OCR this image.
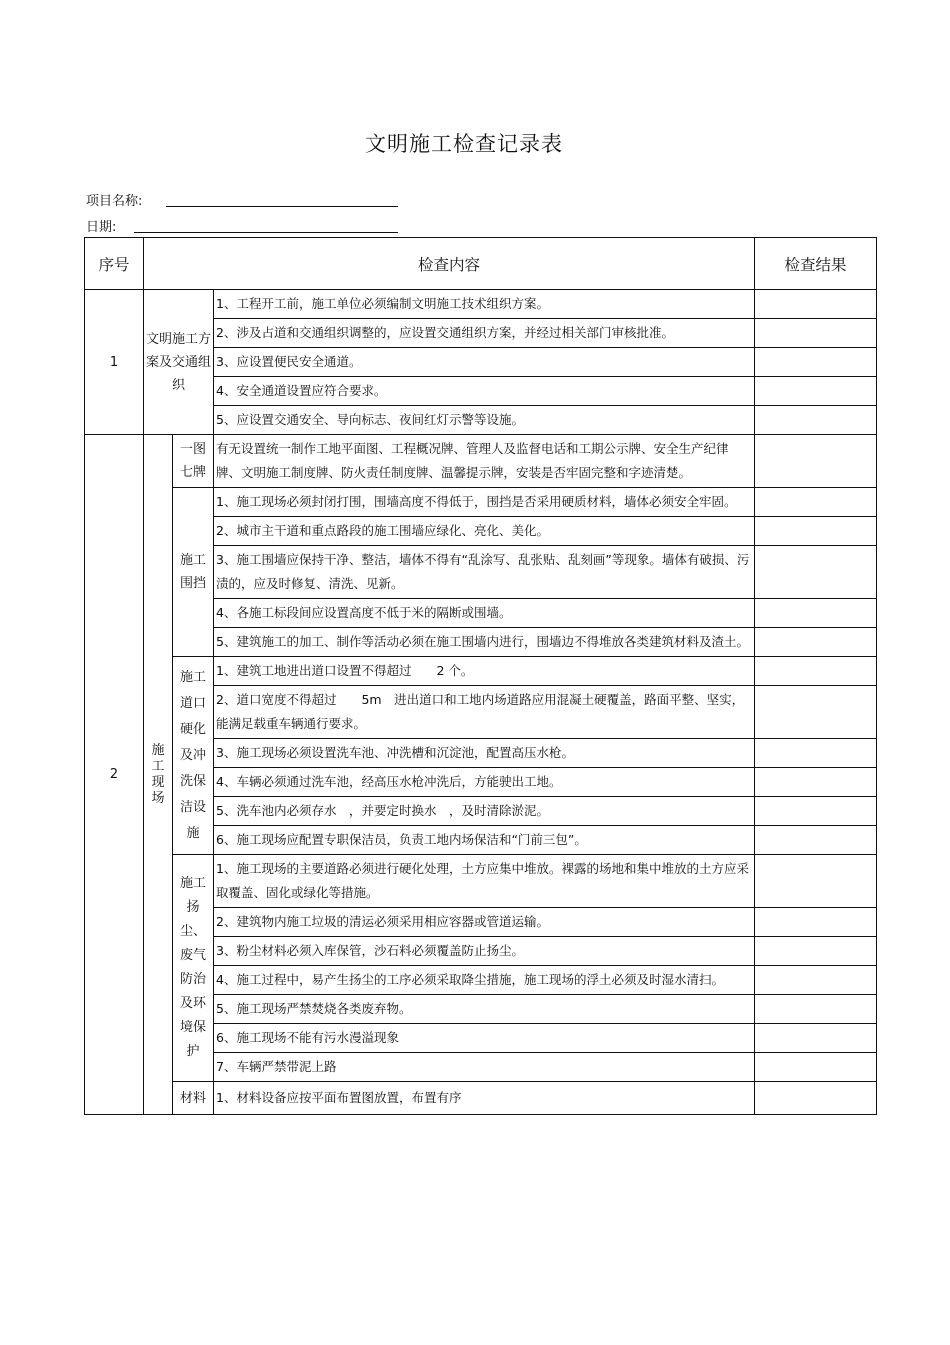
文明施工检查记录表
项目名称:
日期:
序号	检查内容			检查结果
1	文明施工方案及交通组织		1、工程开工前，施工单位必须编制文明施工技术组织方案。	
			2、涉及占道和交通组织调整的，应设置交通组织方案，并经过相关部门审核批准。	
			3、应设置便民安全通道。	
			4、安全通道设置应符合要求。	
			5、应设置交通安全、导向标志、夜间红灯示警等设施。	
2	施工现场	一图七牌	有无设置统一制作工地平面图、工程概况牌、管理人及监督电话和工期公示牌、安全生产纪律牌、文明施工制度牌、防火责任制度牌、温馨提示牌，安装是否牢固完整和字迹清楚。	

		施工围挡	1、施工现场必须封闭打围，围墙高度不得低于，围挡是否采用硬质材料，墙体必须安全牢固。	
			2、城市主干道和重点路段的施工围墙应绿化、亮化、美化。	
			3、施工围墙应保持干净、整洁，墙体不得有“乱涂写、乱张贴、乱刻画”等现象。墙体有破损、污渍的，应及时修复、清洗、见新。	
			4、各施工标段间应设置高度不低于米的隔断或围墙。	
			5、建筑施工的加工、制作等活动必须在施工围墙内进行，围墙边不得堆放各类建筑材料及渣土。	

		施工道口硬化及冲洗保洁设施	1、建筑工地进出道口设置不得超过　　2 个。	
			2、道口宽度不得超过　　5m　进出道口和工地内场道路应用混凝土硬覆盖，路面平整、坚实，能满足载重车辆通行要求。	
			3、施工现场必须设置洗车池、冲洗槽和沉淀池，配置高压水枪。	
			4、车辆必须通过洗车池，经高压水枪冲洗后，方能驶出工地。	
			5、洗车池内必须存水　，并要定时换水　，及时清除淤泥。	
			6、施工现场应配置专职保洁员，负责工地内场保洁和“门前三包”。	

		施工扬尘、废气防治及环境保护	1、施工现场的主要道路必须进行硬化处理，土方应集中堆放。裸露的场地和集中堆放的土方应采取覆盖、固化或绿化等措施。	
			2、建筑物内施工垃圾的清运必须采用相应容器或管道运输。	
			3、粉尘材料必须入库保管，沙石料必须覆盖防止扬尘。	
			4、施工过程中，易产生扬尘的工序必须采取降尘措施，施工现场的浮土必须及时湿水清扫。	
			5、施工现场严禁焚烧各类废弃物。	
			6、施工现场不能有污水漫溢现象	
			7、车辆严禁带泥上路	

		材料	1、材料设备应按平面布置图放置，布置有序	
